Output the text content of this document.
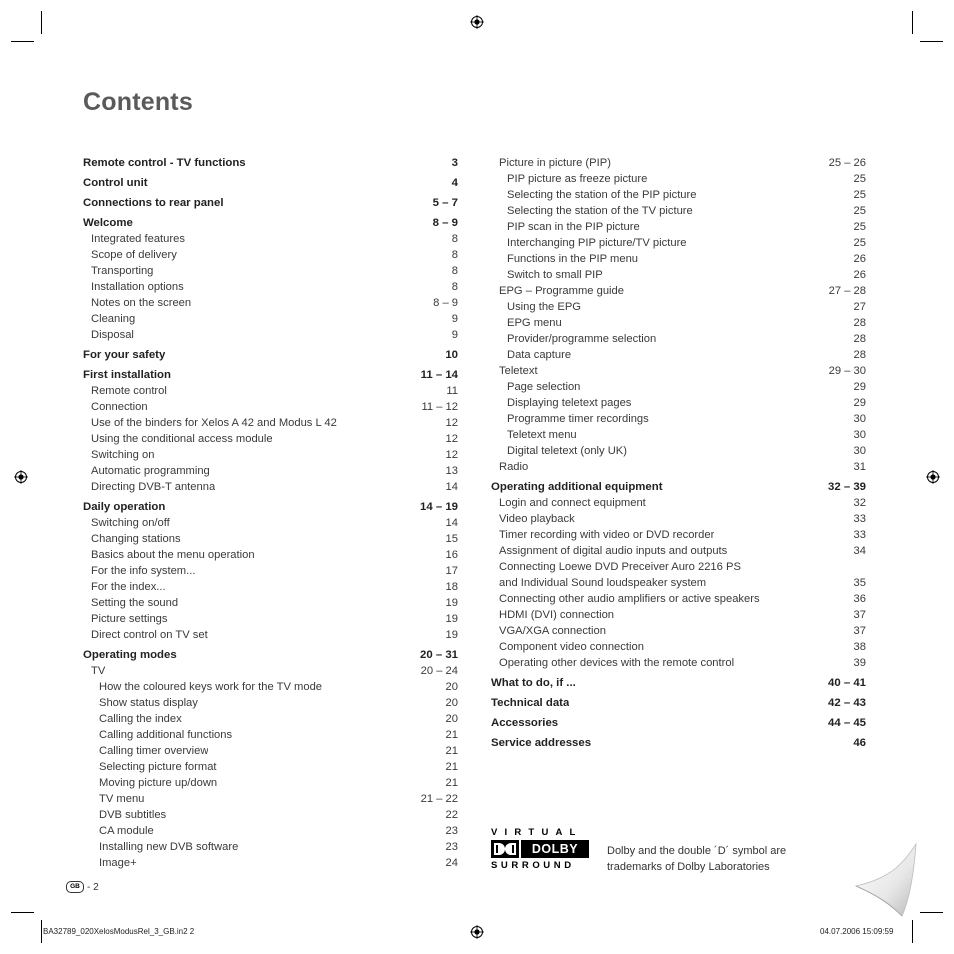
Contents
Remote control - TV functions	3
Control unit	4
Connections to rear panel	5 – 7
Welcome	8 – 9
Integrated features	8
Scope of delivery	8
Transporting	8
Installation options	8
Notes on the screen	8 – 9
Cleaning	9
Disposal	9
For your safety	10
First installation	11 – 14
Remote control	11
Connection	11 – 12
Use of the binders for Xelos A 42 and Modus L 42	12
Using the conditional access module	12
Switching on	12
Automatic programming	13
Directing DVB-T antenna	14
Daily operation	14 – 19
Switching on/off	14
Changing stations	15
Basics about the menu operation	16
For the info system...	17
For the index...	18
Setting the sound	19
Picture settings	19
Direct control on TV set	19
Operating modes	20 – 31
TV	20 – 24
How the coloured keys work for the TV mode	20
Show status display	20
Calling the index	20
Calling additional functions	21
Calling timer overview	21
Selecting picture format	21
Moving picture up/down	21
TV menu	21 – 22
DVB subtitles	22
CA module	23
Installing new DVB software	23
Image+	24
Picture in picture (PIP)	25 – 26
PIP picture as freeze picture	25
Selecting the station of the PIP picture	25
Selecting the station of the TV picture	25
PIP scan in the PIP picture	25
Interchanging PIP picture/TV picture	25
Functions in the PIP menu	26
Switch to small PIP	26
EPG – Programme guide	27 – 28
Using the EPG	27
EPG menu	28
Provider/programme selection	28
Data capture	28
Teletext	29 – 30
Page selection	29
Displaying teletext pages	29
Programme timer recordings	30
Teletext menu	30
Digital teletext (only UK)	30
Radio	31
Operating additional equipment	32 – 39
Login and connect equipment	32
Video playback	33
Timer recording with video or DVD recorder	33
Assignment of digital audio inputs and outputs	34
Connecting Loewe DVD Preceiver Auro 2216 PS
and Individual Sound loudspeaker system	35
Connecting other audio amplifiers or active speakers	36
HDMI (DVI) connection	37
VGA/XGA connection	37
Component video connection	38
Operating other devices with the remote control	39
What to do, if ...	40 – 41
Technical data	42 – 43
Accessories	44 – 45
Service addresses	46
VIRTUAL
DOLBY
SURROUND
Dolby and the double ´D´ symbol are
trademarks of Dolby Laboratories
GB - 2
BA32789_020XelosModusRel_3_GB.in2 2	04.07.2006 15:09:59
